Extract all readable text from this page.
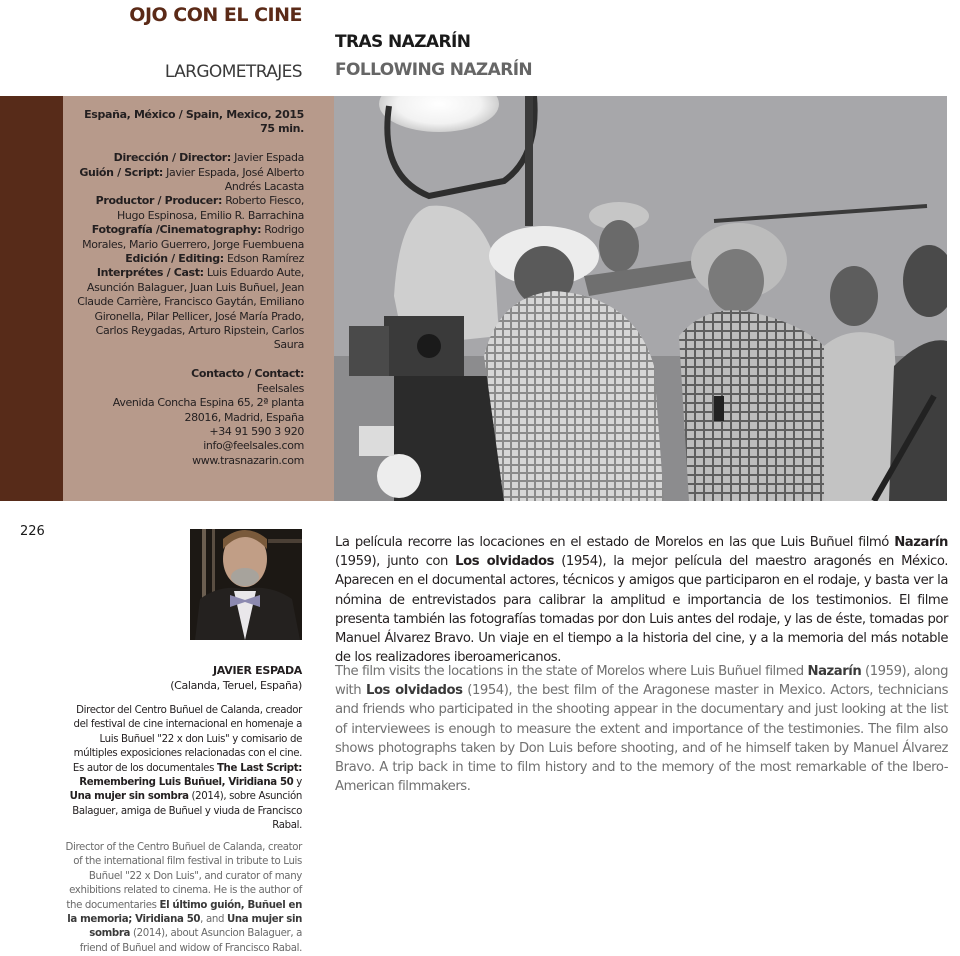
OJO CON EL CINE
LARGOMETRAJES
TRAS NAZARÍN
FOLLOWING NAZARÍN
España, México / Spain, Mexico, 2015
75 min.
Dirección / Director: Javier Espada
Guión / Script: Javier Espada, José Alberto Andrés Lacasta
Productor / Producer: Roberto Fiesco, Hugo Espinosa, Emilio R. Barrachina
Fotografía /Cinematography: Rodrigo Morales, Mario Guerrero, Jorge Fuembuena
Edición / Editing: Edson Ramírez
Interprétes / Cast: Luis Eduardo Aute, Asunción Balaguer, Juan Luis Buñuel, Jean Claude Carrière, Francisco Gaytán, Emiliano Gironella, Pilar Pellicer, José María Prado, Carlos Reygadas, Arturo Ripstein, Carlos Saura
Contacto / Contact:
Feelsales
Avenida Concha Espina 65, 2ª planta
28016, Madrid, España
+34 91 590 3 920
info@feelsales.com
www.trasnazarin.com
226
JAVIER ESPADA
(Calanda, Teruel, España)
Director del Centro Buñuel de Calanda, creador del festival de cine internacional en homenaje a Luis Buñuel "22 x don Luis" y comisario de múltiples exposiciones relacionadas con el cine. Es autor de los documentales The Last Script: Remembering Luis Buñuel, Viridiana 50 y Una mujer sin sombra (2014), sobre Asunción Balaguer, amiga de Buñuel y viuda de Francisco Rabal.
Director of the Centro Buñuel de Calanda, creator of the international film festival in tribute to Luis Buñuel "22 x Don Luis", and curator of many exhibitions related to cinema. He is the author of the documentaries El último guión, Buñuel en la memoria; Viridiana 50, and Una mujer sin sombra (2014), about Asuncion Balaguer, a friend of Buñuel and widow of Francisco Rabal.
La película recorre las locaciones en el estado de Morelos en las que Luis Buñuel filmó Nazarín (1959), junto con Los olvidados (1954), la mejor película del maestro aragonés en México. Aparecen en el documental actores, técnicos y amigos que participaron en el rodaje, y basta ver la nómina de entrevistados para calibrar la amplitud e importancia de los testimonios. El filme presenta también las fotografías tomadas por don Luis antes del rodaje, y las de éste, tomadas por Manuel Álvarez Bravo. Un viaje en el tiempo a la historia del cine, y a la memoria del más notable de los realizadores iberoamericanos.
The film visits the locations in the state of Morelos where Luis Buñuel filmed Nazarín (1959), along with Los olvidados (1954), the best film of the Aragonese master in Mexico. Actors, technicians and friends who participated in the shooting appear in the documentary and just looking at the list of interviewees is enough to measure the extent and importance of the testimonies. The film also shows photographs taken by Don Luis before shooting, and of he himself taken by Manuel Álvarez Bravo. A trip back in time to film history and to the memory of the most remarkable of the Ibero-American filmmakers.
